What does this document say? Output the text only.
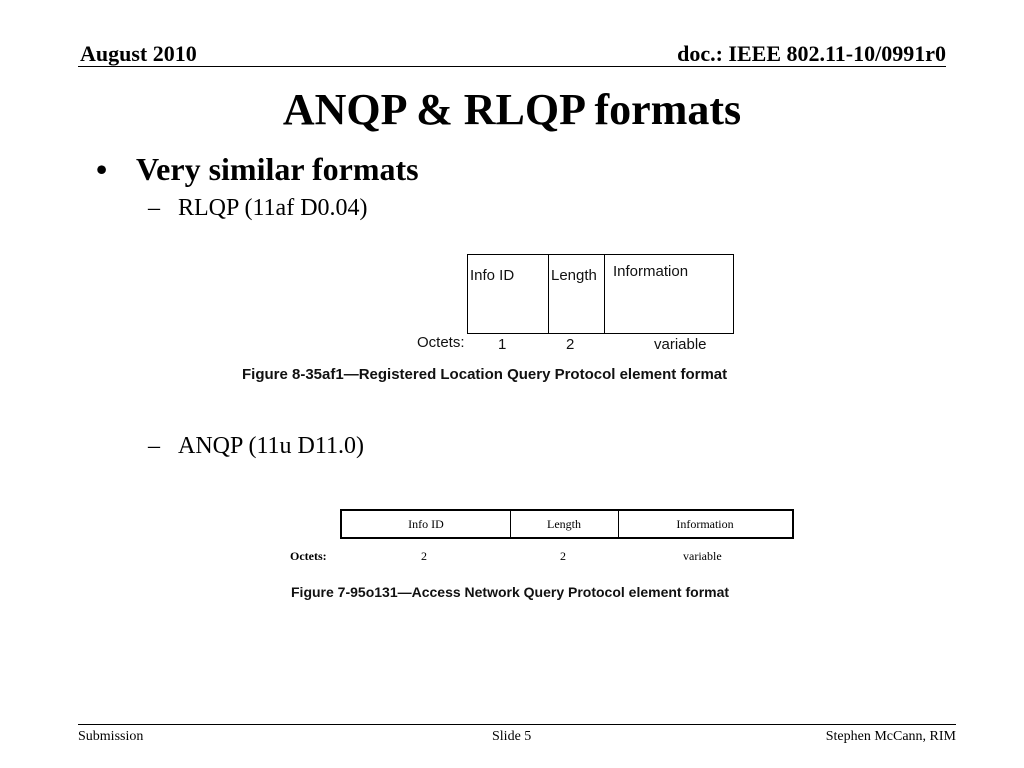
August 2010	doc.: IEEE 802.11-10/0991r0
ANQP & RLQP formats
• Very similar formats
– RLQP (11af D0.04)
Info ID	Length	Information
Octets: 1	2	variable
Figure 8-35af1—Registered Location Query Protocol element format
– ANQP (11u D11.0)
Info ID	Length	Information
Octets:	2	2	variable
Figure 7-95o131—Access Network Query Protocol element format
Submission	Slide 5	Stephen McCann, RIM
